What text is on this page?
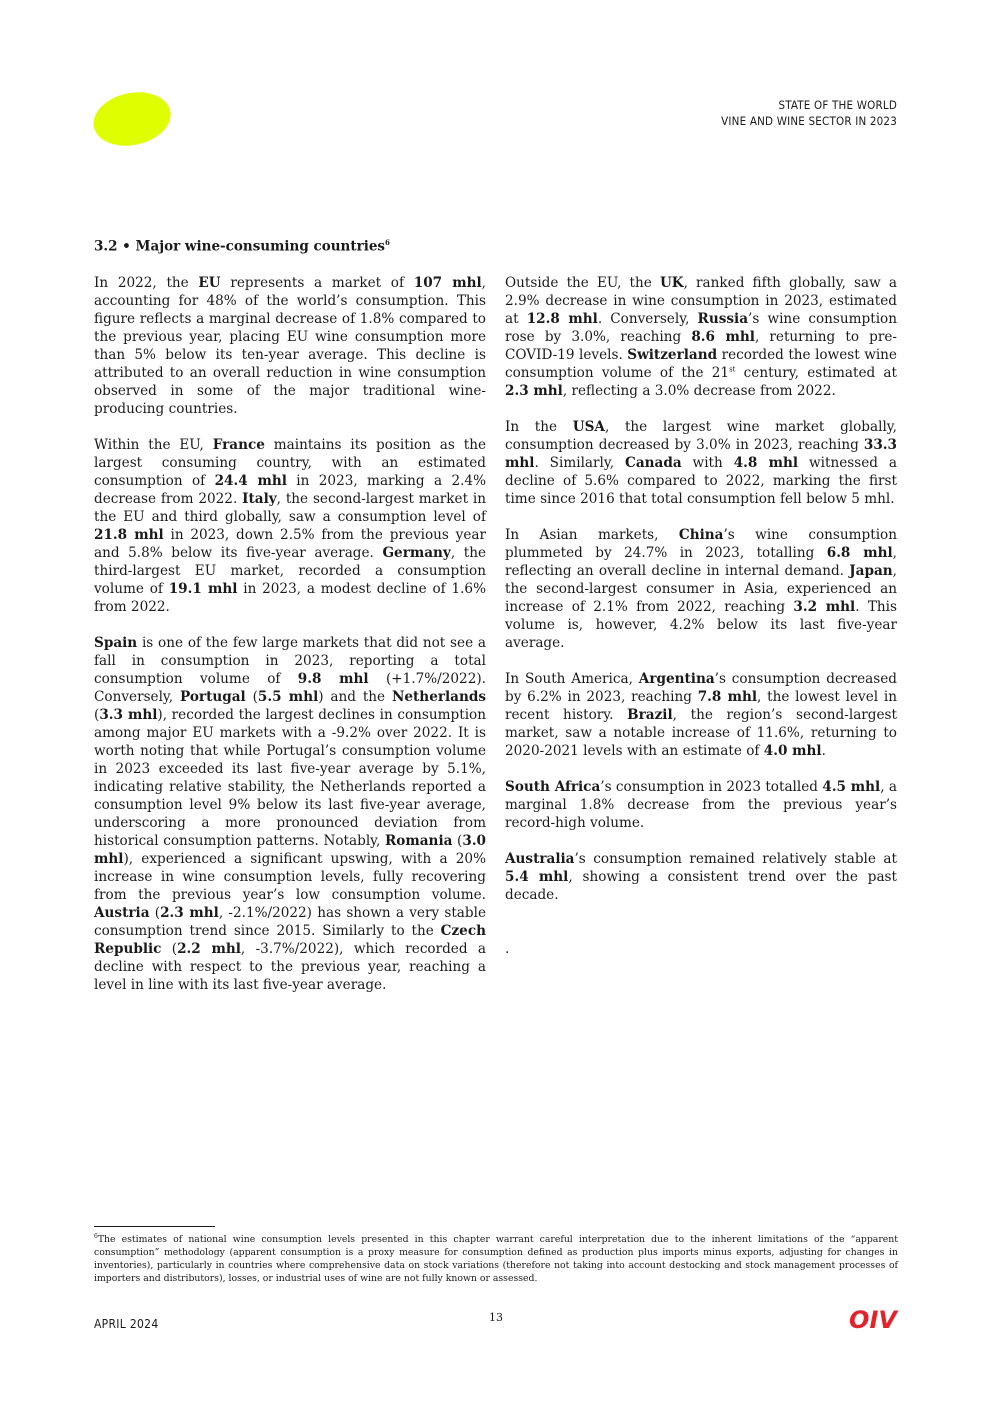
STATE OF THE WORLD
VINE AND WINE SECTOR IN 2023
3.2 • Major wine-consuming countries$^6$

In 2022, the EU represents a market of 107 mhl, accounting for 48% of the world’s consumption. This figure reflects a marginal decrease of 1.8% compared to the previous year, placing EU wine consumption more than 5% below its ten-year average. This decline is attributed to an overall reduction in wine consumption observed in some of the major traditional wine-producing countries.

Within the EU, France maintains its position as the largest consuming country, with an estimated consumption of 24.4 mhl in 2023, marking a 2.4% decrease from 2022. Italy, the second-largest market in the EU and third globally, saw a consumption level of 21.8 mhl in 2023, down 2.5% from the previous year and 5.8% below its five-year average. Germany, the third-largest EU market, recorded a consumption volume of 19.1 mhl in 2023, a modest decline of 1.6% from 2022.

Spain is one of the few large markets that did not see a fall in consumption in 2023, reporting a total consumption volume of 9.8 mhl (+1.7%/2022). Conversely, Portugal (5.5 mhl) and the Netherlands (3.3 mhl), recorded the largest declines in consumption among major EU markets with a -9.2% over 2022. It is worth noting that while Portugal’s consumption volume in 2023 exceeded its last five-year average by 5.1%, indicating relative stability, the Netherlands reported a consumption level 9% below its last five-year average, underscoring a more pronounced deviation from historical consumption patterns. Notably, Romania (3.0 mhl), experienced a significant upswing, with a 20% increase in wine consumption levels, fully recovering from the previous year’s low consumption volume. Austria (2.3 mhl, -2.1%/2022) has shown a very stable consumption trend since 2015. Similarly to the Czech Republic (2.2 mhl, -3.7%/2022), which recorded a decline with respect to the previous year, reaching a level in line with its last five-year average.

Outside the EU, the UK, ranked fifth globally, saw a 2.9% decrease in wine consumption in 2023, estimated at 12.8 mhl. Conversely, Russia’s wine consumption rose by 3.0%, reaching 8.6 mhl, returning to pre-COVID-19 levels. Switzerland recorded the lowest wine consumption volume of the 21st century, estimated at 2.3 mhl, reflecting a 3.0% decrease from 2022.

In the USA, the largest wine market globally, consumption decreased by 3.0% in 2023, reaching 33.3 mhl. Similarly, Canada with 4.8 mhl witnessed a decline of 5.6% compared to 2022, marking the first time since 2016 that total consumption fell below 5 mhl.

In Asian markets, China’s wine consumption plummeted by 24.7% in 2023, totalling 6.8 mhl, reflecting an overall decline in internal demand. Japan, the second-largest consumer in Asia, experienced an increase of 2.1% from 2022, reaching 3.2 mhl. This volume is, however, 4.2% below its last five-year average.

In South America, Argentina’s consumption decreased by 6.2% in 2023, reaching 7.8 mhl, the lowest level in recent history. Brazil, the region’s second-largest market, saw a notable increase of 11.6%, returning to 2020-2021 levels with an estimate of 4.0 mhl.

South Africa’s consumption in 2023 totalled 4.5 mhl, a marginal 1.8% decrease from the previous year’s record-high volume.

Australia’s consumption remained relatively stable at 5.4 mhl, showing a consistent trend over the past decade.

.

$^6$The estimates of national wine consumption levels presented in this chapter warrant careful interpretation due to the inherent limitations of the “apparent consumption” methodology (apparent consumption is a proxy measure for consumption defined as production plus imports minus exports, adjusting for changes in inventories), particularly in countries where comprehensive data on stock variations (therefore not taking into account destocking and stock management processes of importers and distributors), losses, or industrial uses of wine are not fully known or assessed.
APRIL 2024	13	OIV
